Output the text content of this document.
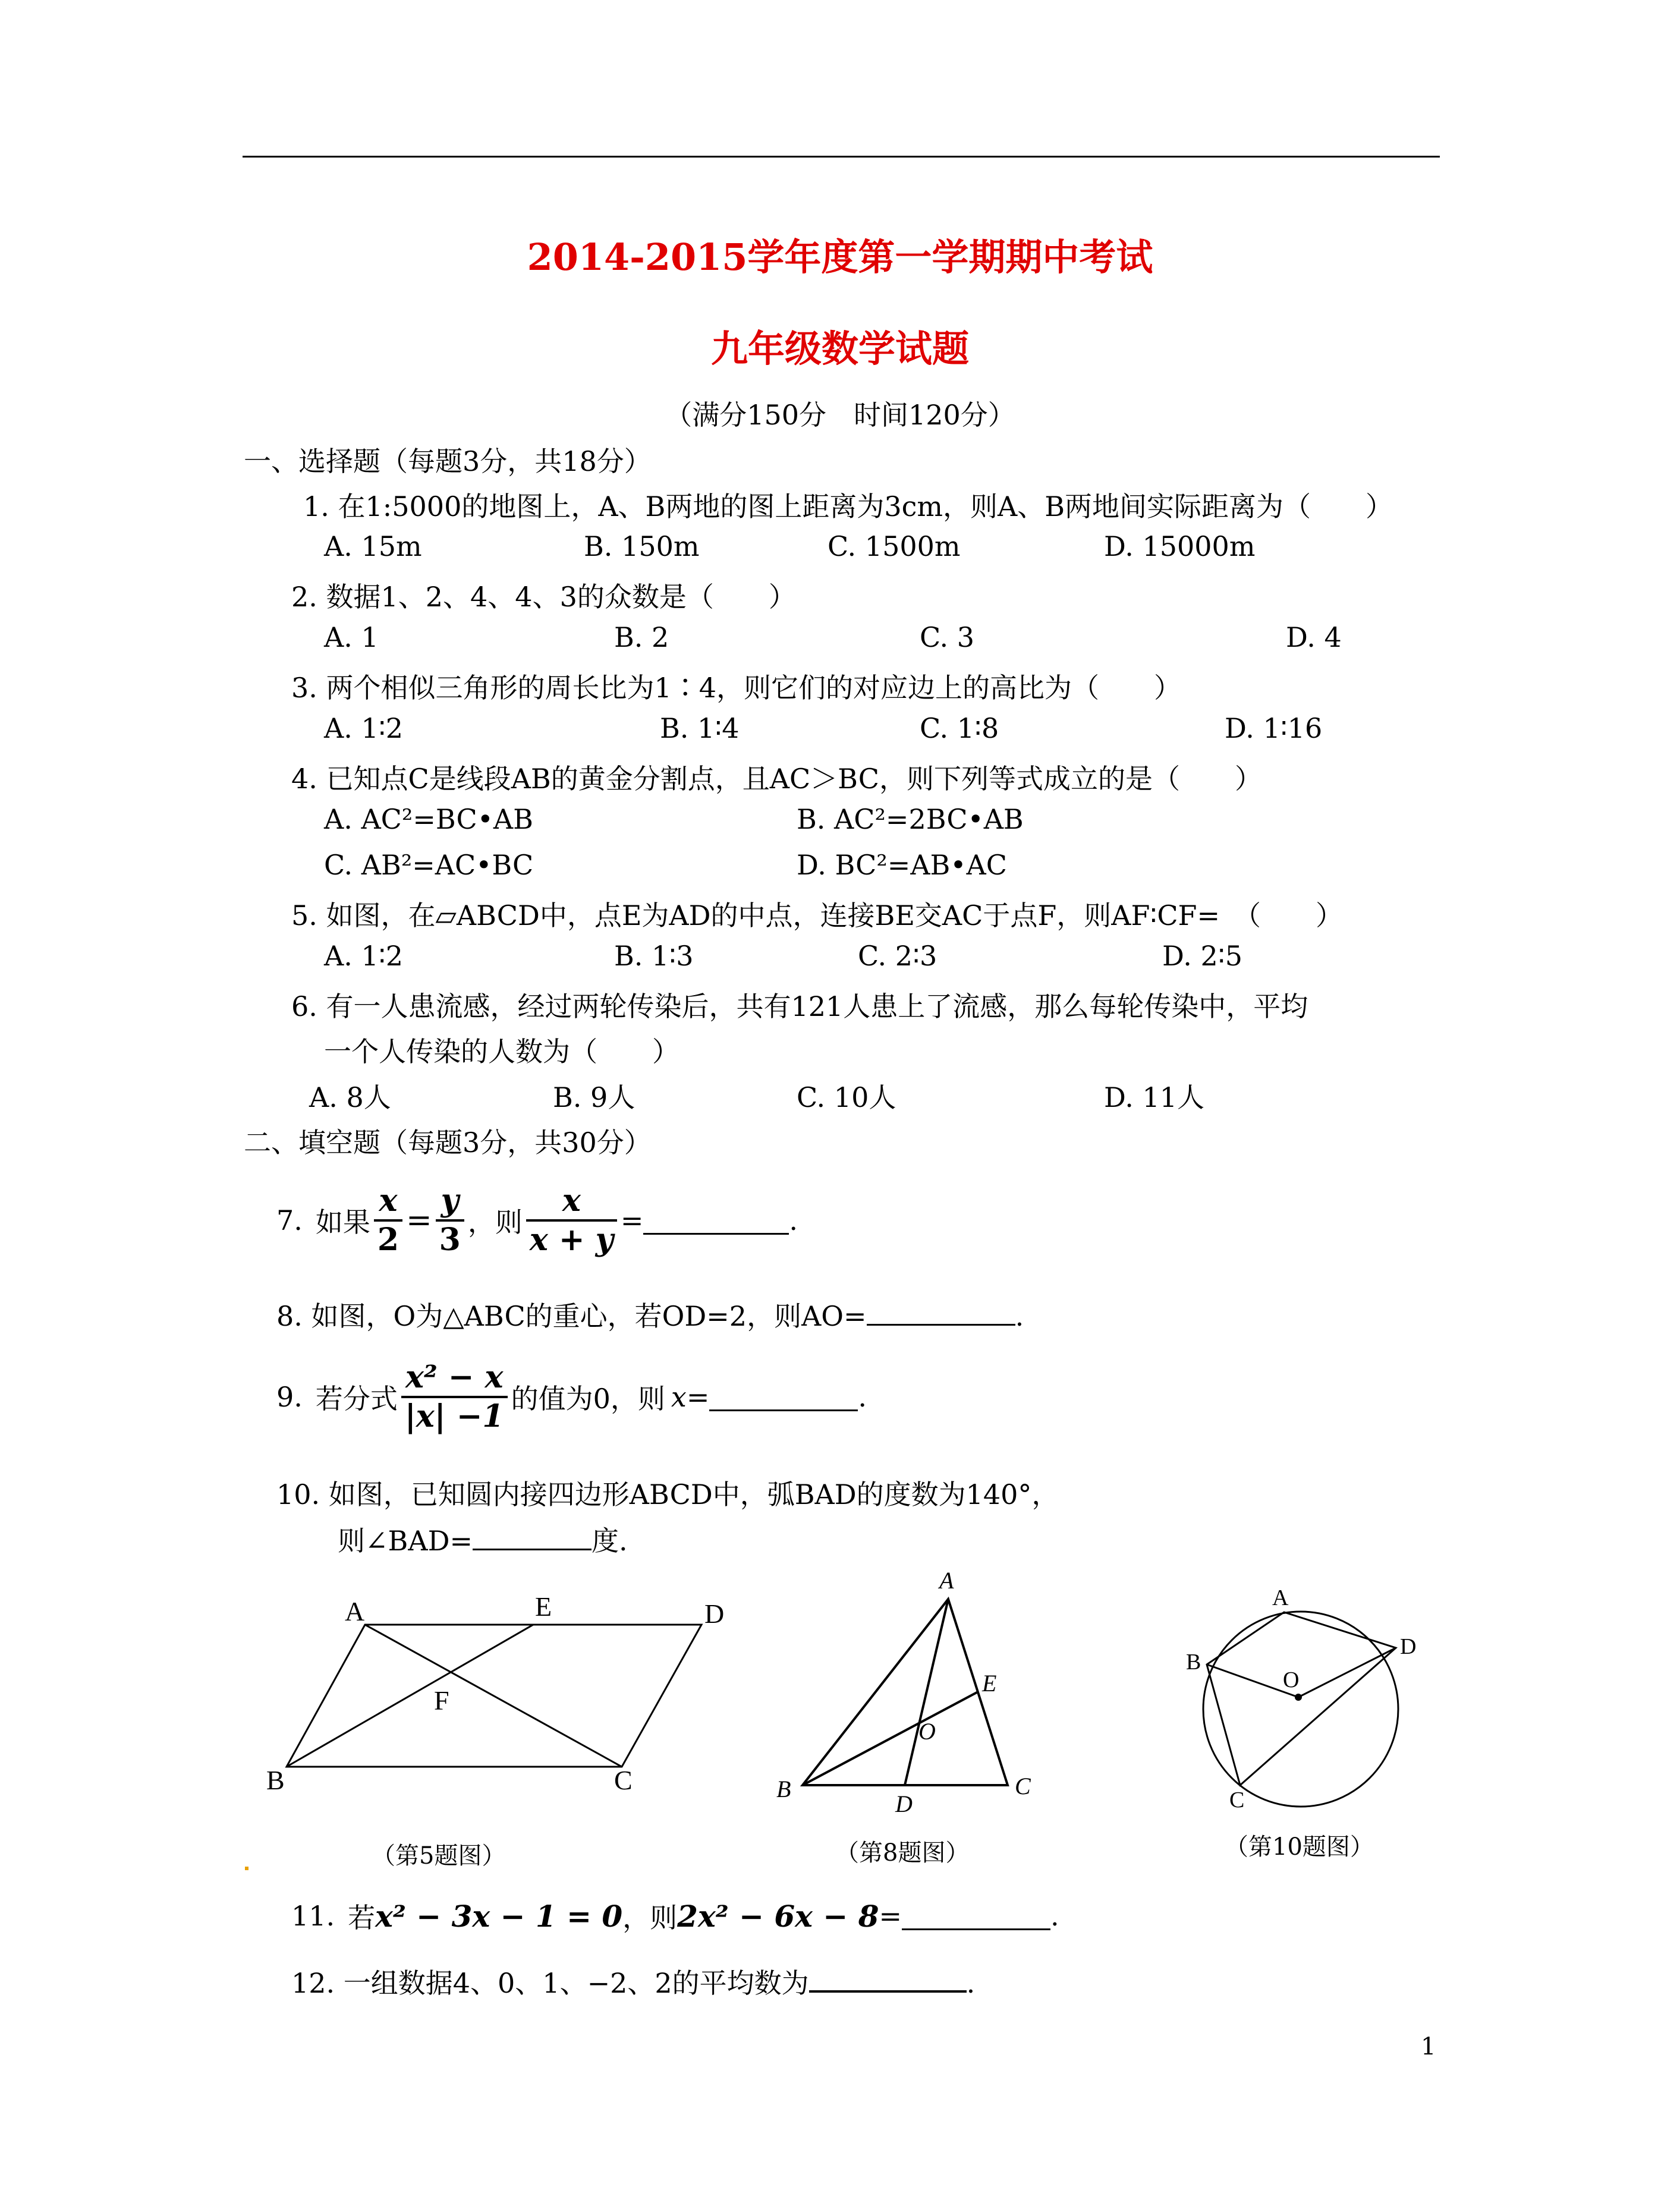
2014-2015学年度第一学期期中考试
九年级数学试题
（满分150分　时间120分）
一、选择题（每题3分，共18分）
1. 在1:5000的地图上，A、B两地的图上距离为3cm，则A、B两地间实际距离为（　　）
A. 15m	B. 150m	C. 1500m	D. 15000m
2. 数据1、2、4、4、3的众数是（　　）
A. 1	B. 2	C. 3	D. 4
3. 两个相似三角形的周长比为1∶4，则它们的对应边上的高比为（　　）
A. 1∶2	B. 1∶4	C. 1∶8	D. 1∶16
4. 已知点C是线段AB的黄金分割点，且AC＞BC，则下列等式成立的是（　　）
A. AC²=BC•AB	B. AC²=2BC•AB
C. AB²=AC•BC	D. BC²=AB•AC
5. 如图，在▱ABCD中，点E为AD的中点，连接BE交AC于点F，则AF∶CF=　（　　）
A. 1∶2	B. 1∶3	C. 2∶3	D. 2∶5
6. 有一人患流感，经过两轮传染后，共有121人患上了流感，那么每轮传染中，平均
一个人传染的人数为（　　）
A. 8人	B. 9人	C. 10人	D. 11人
二、填空题（每题3分，共30分）
7. 如果 $\frac{x}{2} = \frac{y}{3}$ ，则 $\frac{x}{x + y}$ =	.
8. 如图，O为△ABC的重心，若OD=2，则AO=	.
9. 若分式 $\frac{\text{x² − x}}{|x| -1}$ 的值为0，则 x =	.
10. 如图，已知圆内接四边形ABCD中，弧BAD的度数为140°，
则∠BAD=	度.
A	E	D
F
B	C
A
E
O
B	C
D
A
B
D
O
C
（第5题图）	（第8题图）	（第10题图）
11. 若 x² − 3x − 1 = 0 ，则 2x² − 6x − 8 =	.
12. 一组数据4、0、1、−2、2的平均数为	.
1
